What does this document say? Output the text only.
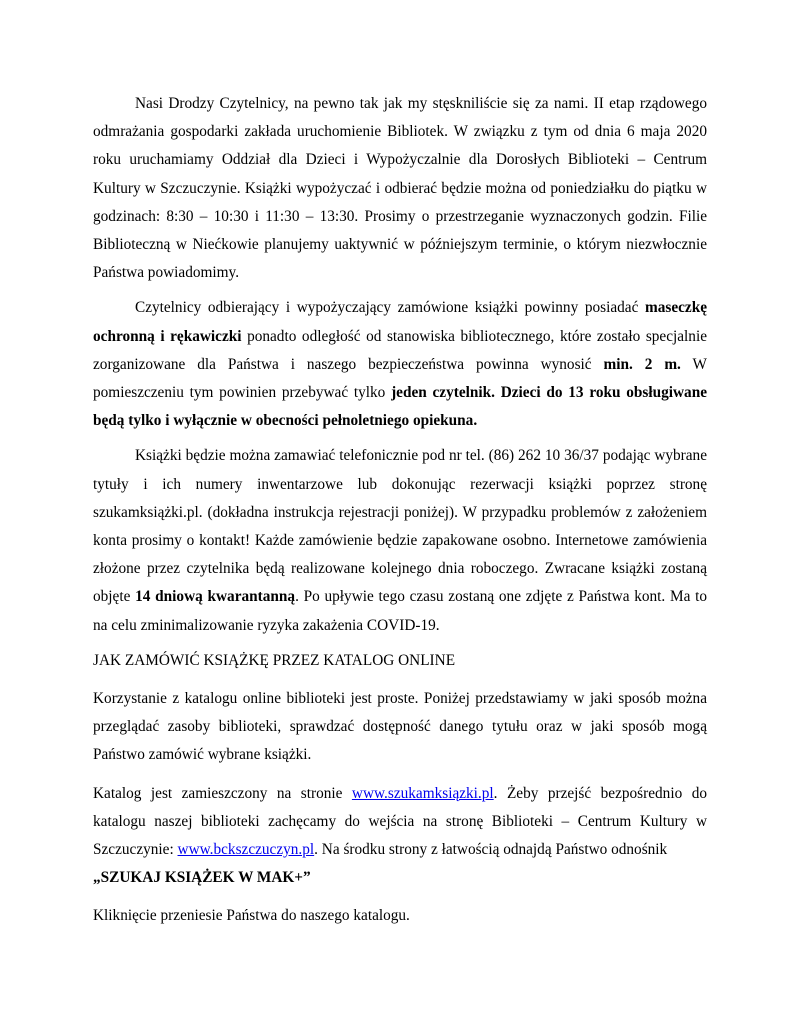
Nasi Drodzy Czytelnicy, na pewno tak jak my stęskniliście się za nami. II etap rządowego odmrażania gospodarki zakłada uruchomienie Bibliotek. W związku z tym od dnia 6 maja 2020 roku uruchamiamy Oddział dla Dzieci i Wypożyczalnie dla Dorosłych Biblioteki – Centrum Kultury w Szczuczynie. Książki wypożyczać i odbierać będzie można od poniedziałku do piątku w godzinach: 8:30 – 10:30 i 11:30 – 13:30. Prosimy o przestrzeganie wyznaczonych godzin. Filie Biblioteczną w Niećkowie planujemy uaktywnić w późniejszym terminie, o którym niezwłocznie Państwa powiadomimy.

Czytelnicy odbierający i wypożyczający zamówione książki powinny posiadać maseczkę ochronną i rękawiczki ponadto odległość od stanowiska bibliotecznego, które zostało specjalnie zorganizowane dla Państwa i naszego bezpieczeństwa powinna wynosić min. 2 m. W pomieszczeniu tym powinien przebywać tylko jeden czytelnik. Dzieci do 13 roku obsługiwane będą tylko i wyłącznie w obecności pełnoletniego opiekuna.

Książki będzie można zamawiać telefonicznie pod nr tel. (86) 262 10 36/37 podając wybrane tytuły i ich numery inwentarzowe lub dokonując rezerwacji książki poprzez stronę szukamksiążki.pl. (dokładna instrukcja rejestracji poniżej). W przypadku problemów z założeniem konta prosimy o kontakt! Każde zamówienie będzie zapakowane osobno. Internetowe zamówienia złożone przez czytelnika będą realizowane kolejnego dnia roboczego. Zwracane książki zostaną objęte 14 dniową kwarantanną. Po upływie tego czasu zostaną one zdjęte z Państwa kont. Ma to na celu zminimalizowanie ryzyka zakażenia COVID-19.

JAK ZAMÓWIĆ KSIĄŻKĘ PRZEZ KATALOG ONLINE

Korzystanie z katalogu online biblioteki jest proste. Poniżej przedstawiamy w jaki sposób można przeglądać zasoby biblioteki, sprawdzać dostępność danego tytułu oraz w jaki sposób mogą Państwo zamówić wybrane książki.

Katalog jest zamieszczony na stronie www.szukamksiązki.pl. Żeby przejść bezpośrednio do katalogu naszej biblioteki zachęcamy do wejścia na stronę Biblioteki – Centrum Kultury w Szczuczynie: www.bckszczuczyn.pl. Na środku strony z łatwością odnajdą Państwo odnośnik

„SZUKAJ KSIĄŻEK W MAK+”

Kliknięcie przeniesie Państwa do naszego katalogu.
